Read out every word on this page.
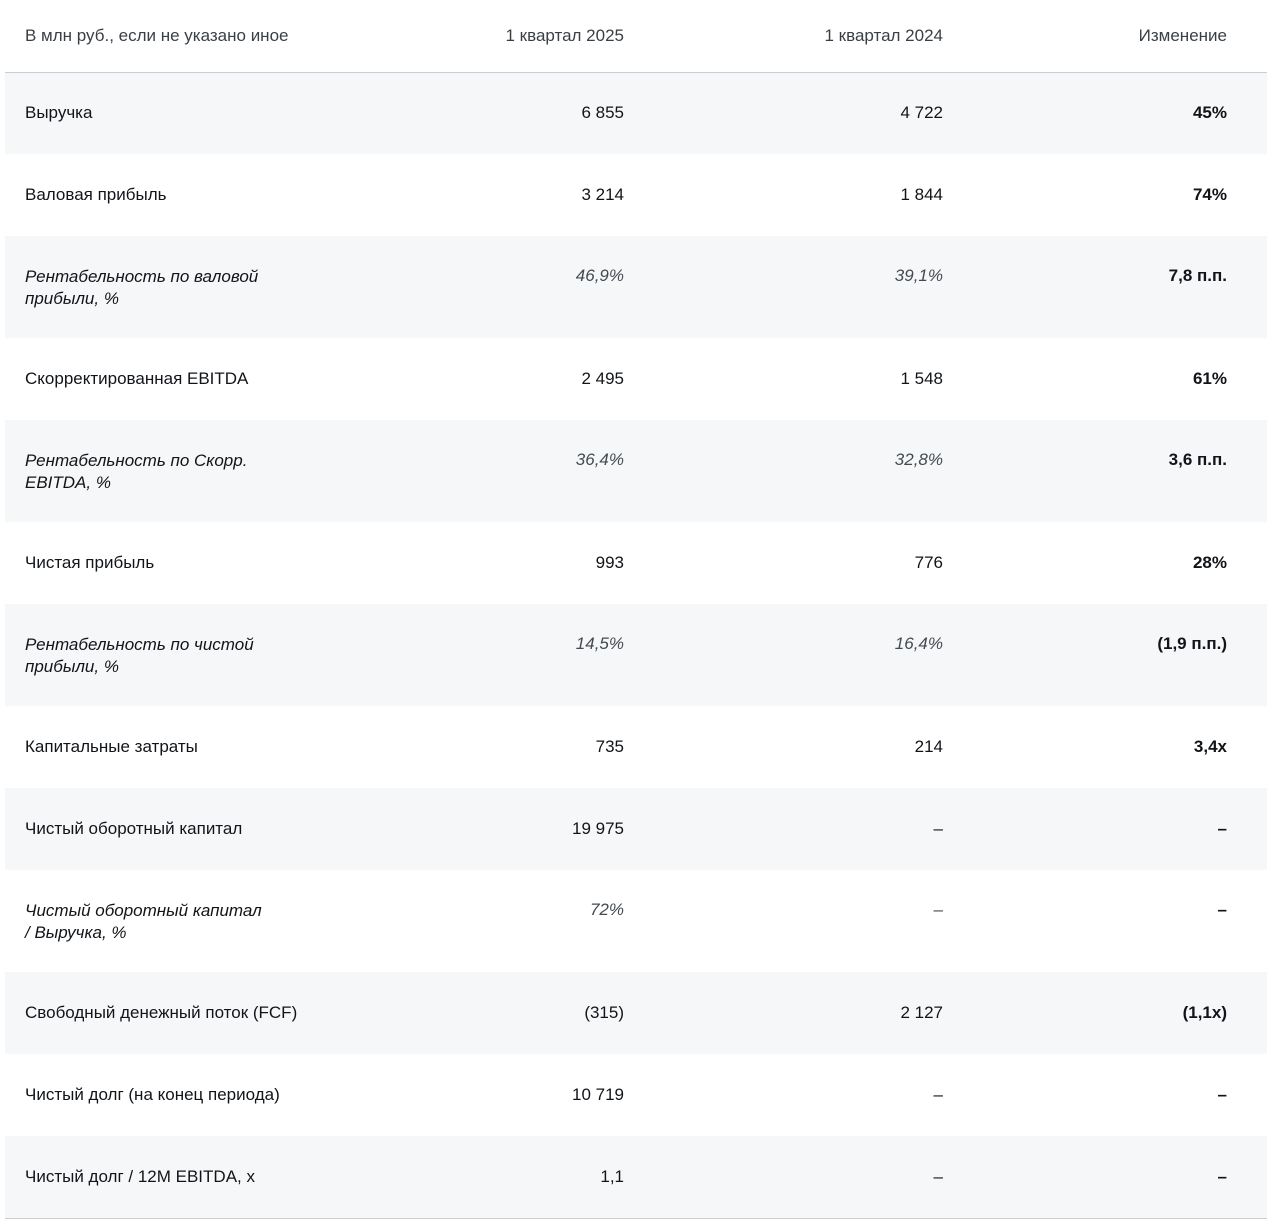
В млн руб., если не указано иное	1 квартал 2025	1 квартал 2024	Изменение
Выручка	6 855	4 722	45%
Валовая прибыль	3 214	1 844	74%
Рентабельность по валовой прибыли, %	46,9%	39,1%	7,8 п.п.
Скорректированная EBITDA	2 495	1 548	61%
Рентабельность по Скорр. EBITDA, %	36,4%	32,8%	3,6 п.п.
Чистая прибыль	993	776	28%
Рентабельность по чистой прибыли, %	14,5%	16,4%	(1,9 п.п.)
Капитальные затраты	735	214	3,4x
Чистый оборотный капитал	19 975	–	–
Чистый оборотный капитал / Выручка, %	72%	–	–
Свободный денежный поток (FCF)	(315)	2 127	(1,1x)
Чистый долг (на конец периода)	10 719	–	–
Чистый долг / 12M EBITDA, x	1,1	–	–
